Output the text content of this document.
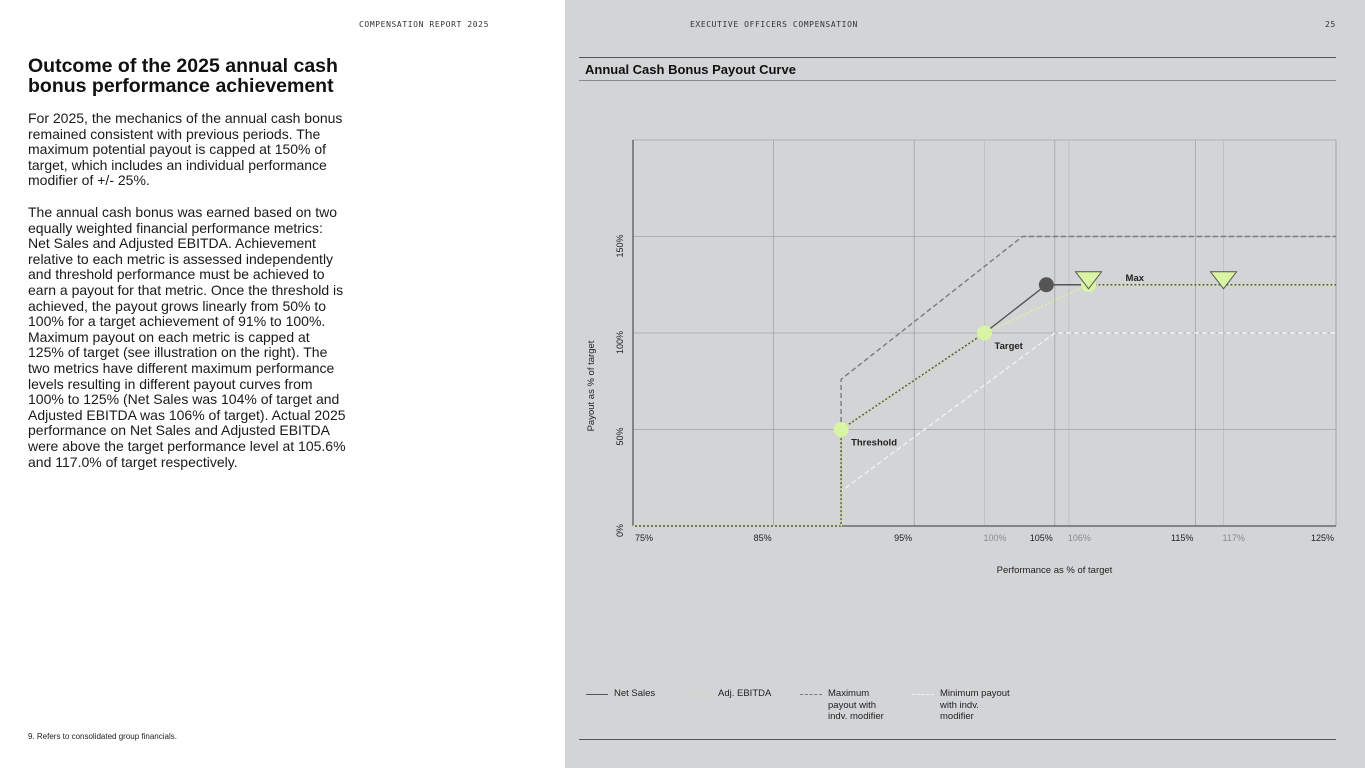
COMPENSATION REPORT 2025
Outcome of the 2025 annual cash bonus performance achievement

For 2025, the mechanics of the annual cash bonus remained consistent with previous periods. The maximum potential payout is capped at 150% of target, which includes an individual performance modifier of +/- 25%.

The annual cash bonus was earned based on two equally weighted financial performance metrics: Net Sales and Adjusted EBITDA. Achievement relative to each metric is assessed independently and threshold performance must be achieved to earn a payout for that metric. Once the threshold is achieved, the payout grows linearly from 50% to 100% for a target achievement of 91% to 100%. Maximum payout on each metric is capped at 125% of target (see illustration on the right). The two metrics have different maximum performance levels resulting in different payout curves from 100% to 125% (Net Sales was 104% of target and Adjusted EBITDA was 106% of target). Actual 2025 performance on Net Sales and Adjusted EBITDA were above the target performance level at 105.6% and 117.0% of target respectively.

9. Refers to consolidated group financials.
EXECUTIVE OFFICERS COMPENSATION	25
Annual Cash Bonus Payout Curve
75%	85%	95%	100%	105% 106%	115%	117%	125%
0%
50%
100%
150%
Performance as % of target
Payout as % of target
Threshold
Target
Max
Net Sales	Adj. EBITDA	Maximum payout with indv. modifier
Minimum payout with indv. modifier
